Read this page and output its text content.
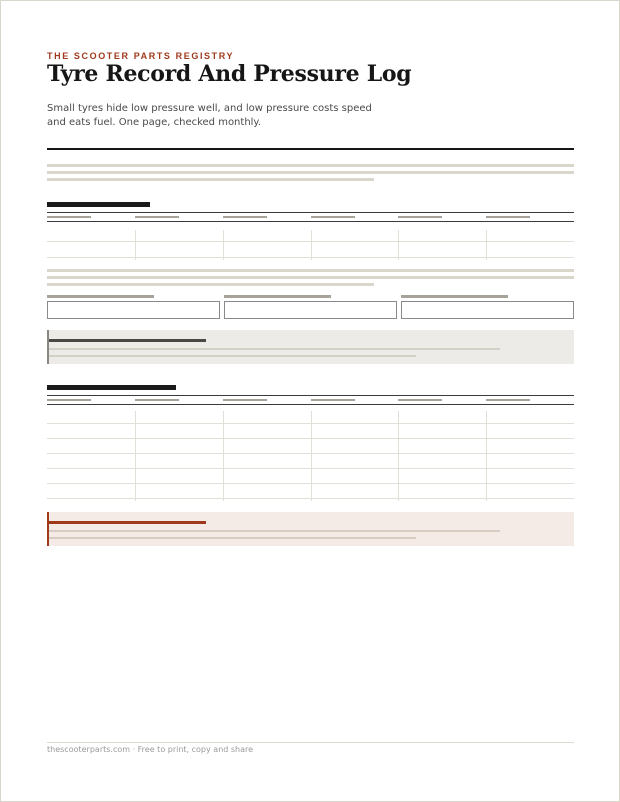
THE SCOOTER PARTS REGISTRY
Tyre Record And Pressure Log
Small tyres hide low pressure well, and low pressure costs speed and eats fuel. One page, checked monthly.
thescooterparts.com · Free to print, copy and share
